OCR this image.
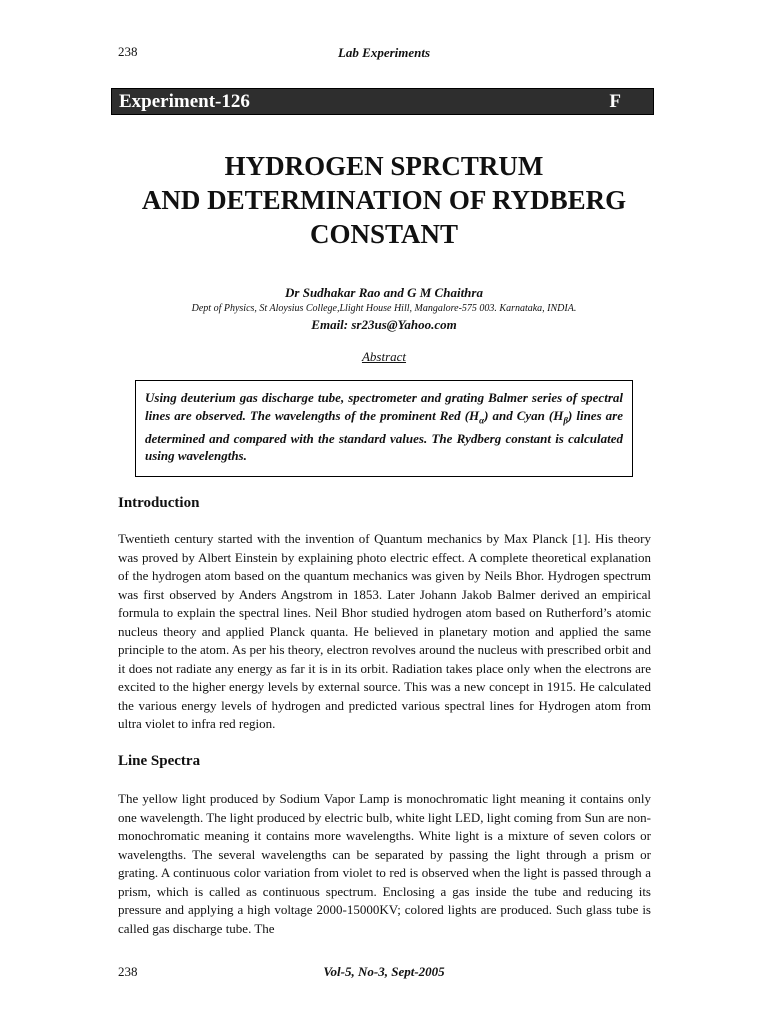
238	Lab Experiments
Experiment-126	F
HYDROGEN SPRCTRUM
AND DETERMINATION OF RYDBERG
CONSTANT
Dr Sudhakar Rao and G M Chaithra
Dept of Physics, St Aloysius College,Llight House Hill, Mangalore-575 003. Karnataka, INDIA.
Email: sr23us@Yahoo.com
Abstract
Using deuterium gas discharge tube, spectrometer and grating Balmer series of spectral lines are observed. The wavelengths of the prominent Red $(H_\alpha)$ and Cyan $(H_\beta)$ lines are determined and compared with the standard values. The Rydberg constant is calculated using wavelengths.
Introduction
Twentieth century started with the invention of Quantum mechanics by Max Planck [1]. His theory was proved by Albert Einstein by explaining photo electric effect. A complete theoretical explanation of the hydrogen atom based on the quantum mechanics was given by Neils Bhor. Hydrogen spectrum was first observed by Anders Angstrom in 1853. Later Johann Jakob Balmer derived an empirical formula to explain the spectral lines. Neil Bhor studied hydrogen atom based on Rutherford’s atomic nucleus theory and applied Planck quanta. He believed in planetary motion and applied the same principle to the atom. As per his theory, electron revolves around the nucleus with prescribed orbit and it does not radiate any energy as far it is in its orbit. Radiation takes place only when the electrons are excited to the higher energy levels by external source. This was a new concept in 1915. He calculated the various energy levels of hydrogen and predicted various spectral lines for Hydrogen atom from ultra violet to infra red region.
Line Spectra
The yellow light produced by Sodium Vapor Lamp is monochromatic light meaning it contains only one wavelength. The light produced by electric bulb, white light LED, light coming from Sun are non-monochromatic meaning it contains more wavelengths. White light is a mixture of seven colors or wavelengths. The several wavelengths can be separated by passing the light through a prism or grating. A continuous color variation from violet to red is observed when the light is passed through a prism, which is called as continuous spectrum. Enclosing a gas inside the tube and reducing its pressure and applying a high voltage 2000-15000KV; colored lights are produced. Such glass tube is called gas discharge tube. The
238	Vol-5, No-3, Sept-2005
